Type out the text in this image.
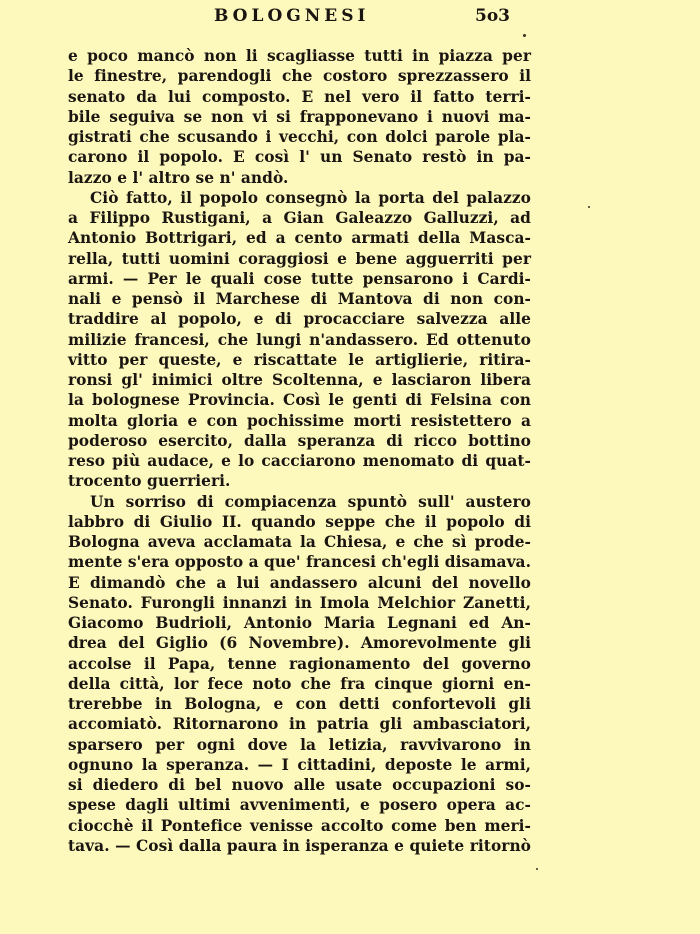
BOLOGNESI	5o3
e poco mancò non li scagliasse tutti in piazza per
le finestre, parendogli che costoro sprezzassero il
senato da lui composto. E nel vero il fatto terri-
bile seguiva se non vi si frapponevano i nuovi ma-
gistrati che scusando i vecchi, con dolci parole pla-
carono il popolo. E così l' un Senato restò in pa-
lazzo e l' altro se n' andò.
Ciò fatto, il popolo consegnò la porta del palazzo
a Filippo Rustigani, a Gian Galeazzo Galluzzi, ad
Antonio Bottrigari, ed a cento armati della Masca-
rella, tutti uomini coraggiosi e bene agguerriti per
armi. — Per le quali cose tutte pensarono i Cardi-
nali e pensò il Marchese di Mantova di non con-
traddire al popolo, e di procacciare salvezza alle
milizie francesi, che lungi n'andassero. Ed ottenuto
vitto per queste, e riscattate le artiglierie, ritira-
ronsi gl' inimici oltre Scoltenna, e lasciaron libera
la bolognese Provincia. Così le genti di Felsina con
molta gloria e con pochissime morti resistettero a
poderoso esercito, dalla speranza di ricco bottino
reso più audace, e lo cacciarono menomato di quat-
trocento guerrieri.
Un sorriso di compiacenza spuntò sull' austero
labbro di Giulio II. quando seppe che il popolo di
Bologna aveva acclamata la Chiesa, e che sì prode-
mente s'era opposto a que' francesi ch'egli disamava.
E dimandò che a lui andassero alcuni del novello
Senato. Furongli innanzi in Imola Melchior Zanetti,
Giacomo Budrioli, Antonio Maria Legnani ed An-
drea del Giglio (6 Novembre). Amorevolmente gli
accolse il Papa, tenne ragionamento del governo
della città, lor fece noto che fra cinque giorni en-
trerebbe in Bologna, e con detti confortevoli gli
accomiatò. Ritornarono in patria gli ambasciatori,
sparsero per ogni dove la letizia, ravvivarono in
ognuno la speranza. — I cittadini, deposte le armi,
si diedero di bel nuovo alle usate occupazioni so-
spese dagli ultimi avvenimenti, e posero opera ac-
ciocchè il Pontefice venisse accolto come ben meri-
tava. — Così dalla paura in isperanza e quiete ritornò
